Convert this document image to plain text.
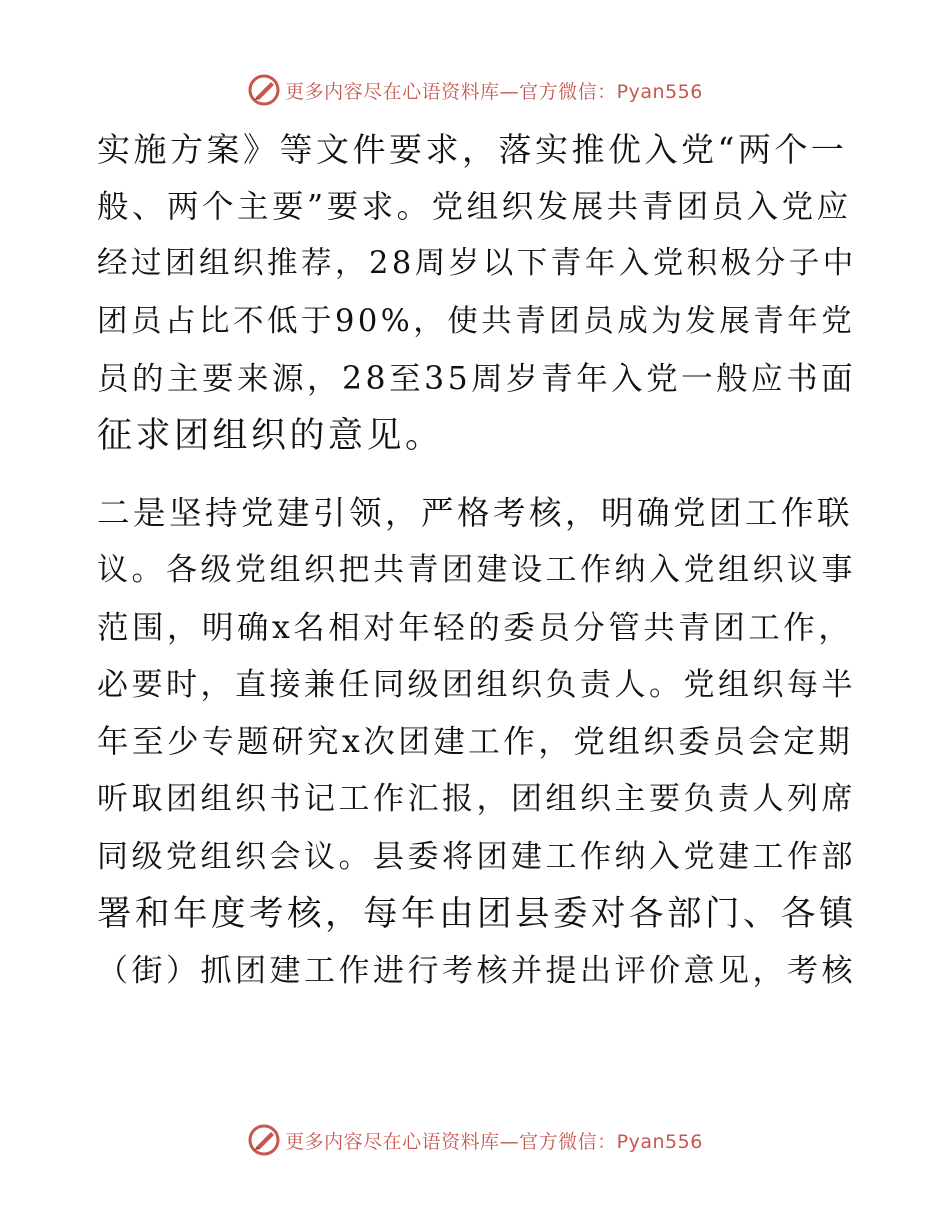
更多内容尽在心语资料库—官方微信：Pyan556
实施方案》等文件要求，落实推优入党“两个一
般、两个主要”要求。党组织发展共青团员入党应
经过团组织推荐，28周岁以下青年入党积极分子中
团员占比不低于90%，使共青团员成为发展青年党
员的主要来源，28至35周岁青年入党一般应书面
征求团组织的意见。
二是坚持党建引领，严格考核，明确党团工作联
议。各级党组织把共青团建设工作纳入党组织议事
范围，明确x名相对年轻的委员分管共青团工作，
必要时，直接兼任同级团组织负责人。党组织每半
年至少专题研究x次团建工作，党组织委员会定期
听取团组织书记工作汇报，团组织主要负责人列席
同级党组织会议。县委将团建工作纳入党建工作部
署和年度考核，每年由团县委对各部门、各镇
（街）抓团建工作进行考核并提出评价意见，考核
更多内容尽在心语资料库—官方微信：Pyan556
